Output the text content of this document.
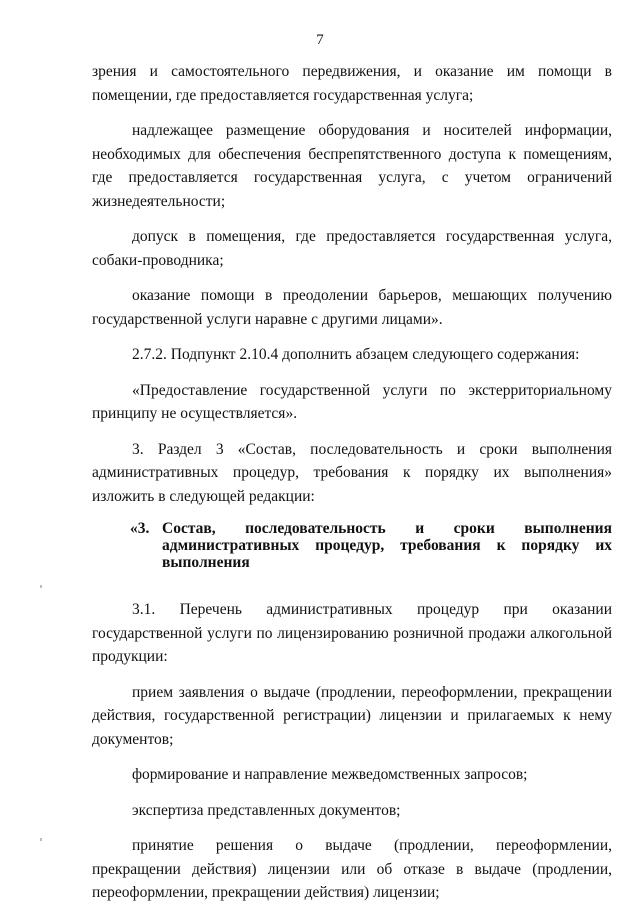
7

зрения и самостоятельного передвижения, и оказание им помощи в помещении, где предоставляется государственная услуга;

надлежащее размещение оборудования и носителей информации, необходимых для обеспечения беспрепятственного доступа к помещениям, где предоставляется государственная услуга, с учетом ограничений жизнедеятельности;

допуск в помещения, где предоставляется государственная услуга, собаки-проводника;

оказание помощи в преодолении барьеров, мешающих получению государственной услуги наравне с другими лицами».

2.7.2. Подпункт 2.10.4 дополнить абзацем следующего содержания:

«Предоставление государственной услуги по экстерриториальному принципу не осуществляется».

3. Раздел 3 «Состав, последовательность и сроки выполнения административных процедур, требования к порядку их выполнения» изложить в следующей редакции:

«3. Состав, последовательность и сроки выполнения административных процедур, требования к порядку их выполнения

3.1. Перечень административных процедур при оказании государственной услуги по лицензированию розничной продажи алкогольной продукции:

прием заявления о выдаче (продлении, переоформлении, прекращении действия, государственной регистрации) лицензии и прилагаемых к нему документов;

формирование и направление межведомственных запросов;

экспертиза представленных документов;

принятие решения о выдаче (продлении, переоформлении, прекращении действия) лицензии или об отказе в выдаче (продлении, переоформлении, прекращении действия) лицензии;
